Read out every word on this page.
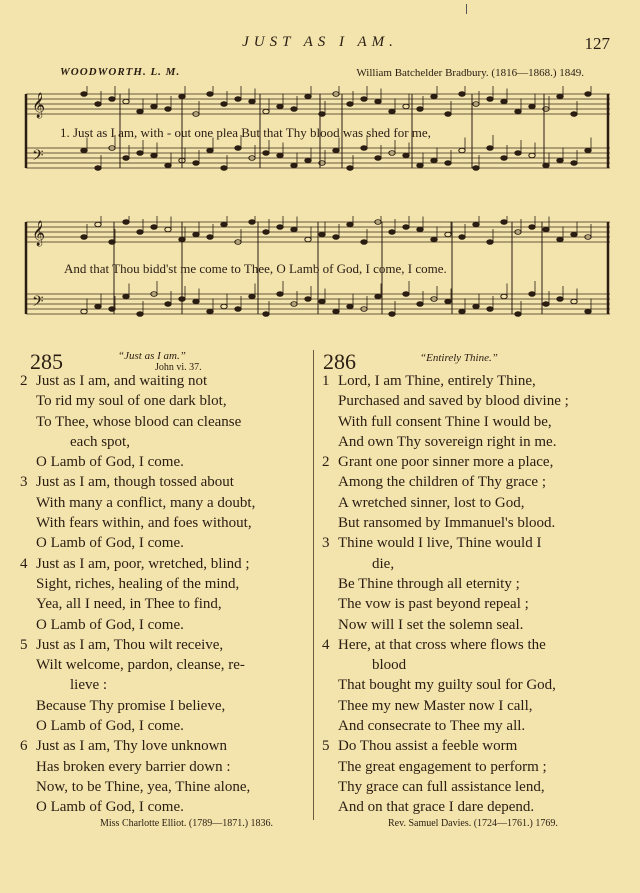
JUST AS I AM.	127
WOODWORTH. L. M.	William Batchelder Bradbury. (1816—1868.) 1849.
𝄞
𝄢
1. Just as I am, with - out one plea But that Thy blood was shed for me,
𝄞
𝄢
And that Thou bidd'st me come to Thee, O Lamb of God, I come, I come.
285	“Just as I am.”
John vi. 37.
2 Just as I am, and waiting not
To rid my soul of one dark blot,
To Thee, whose blood can cleanse
each spot,
O Lamb of God, I come.
3 Just as I am, though tossed about
With many a conflict, many a doubt,
With fears within, and foes without,
O Lamb of God, I come.
4 Just as I am, poor, wretched, blind ;
Sight, riches, healing of the mind,
Yea, all I need, in Thee to find,
O Lamb of God, I come.
5 Just as I am, Thou wilt receive,
Wilt welcome, pardon, cleanse, re-
lieve :
Because Thy promise I believe,
O Lamb of God, I come.
6 Just as I am, Thy love unknown
Has broken every barrier down :
Now, to be Thine, yea, Thine alone,
O Lamb of God, I come.
Miss Charlotte Elliot. (1789—1871.) 1836.
286	“Entirely Thine.”
1 Lord, I am Thine, entirely Thine,
Purchased and saved by blood divine ;
With full consent Thine I would be,
And own Thy sovereign right in me.
2 Grant one poor sinner more a place,
Among the children of Thy grace ;
A wretched sinner, lost to God,
But ransomed by Immanuel's blood.
3 Thine would I live, Thine would I
die,
Be Thine through all eternity ;
The vow is past beyond repeal ;
Now will I set the solemn seal.
4 Here, at that cross where flows the
blood
That bought my guilty soul for God,
Thee my new Master now I call,
And consecrate to Thee my all.
5 Do Thou assist a feeble worm
The great engagement to perform ;
Thy grace can full assistance lend,
And on that grace I dare depend.
Rev. Samuel Davies. (1724—1761.) 1769.
